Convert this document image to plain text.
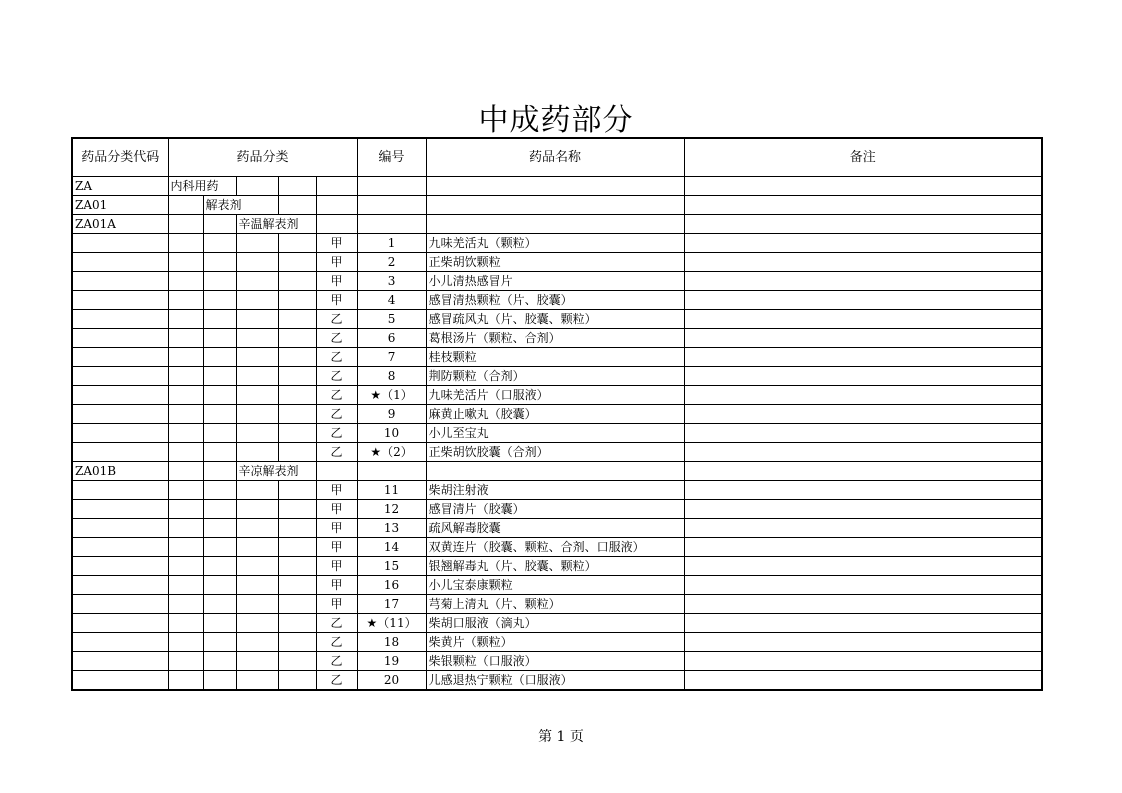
中成药部分
药品分类代码	药品分类					编号	药品名称	备注
ZA	内科用药							
ZA01		解表剂						
ZA01A			辛温解表剂					
					甲	1	九味羌活丸（颗粒）	
					甲	2	正柴胡饮颗粒	
					甲	3	小儿清热感冒片	
					甲	4	感冒清热颗粒（片、胶囊）	
					乙	5	感冒疏风丸（片、胶囊、颗粒）	
					乙	6	葛根汤片（颗粒、合剂）	
					乙	7	桂枝颗粒	
					乙	8	荆防颗粒（合剂）	
					乙	★（1）	九味羌活片（口服液）	
					乙	9	麻黄止嗽丸（胶囊）	
					乙	10	小儿至宝丸	
					乙	★（2）	正柴胡饮胶囊（合剂）	
ZA01B			辛凉解表剂					
					甲	11	柴胡注射液	
					甲	12	感冒清片（胶囊）	
					甲	13	疏风解毒胶囊	
					甲	14	双黄连片（胶囊、颗粒、合剂、口服液）	
					甲	15	银翘解毒丸（片、胶囊、颗粒）	
					甲	16	小儿宝泰康颗粒	
					甲	17	芎菊上清丸（片、颗粒）	
					乙	★（11）	柴胡口服液（滴丸）	
					乙	18	柴黄片（颗粒）	
					乙	19	柴银颗粒（口服液）	
					乙	20	儿感退热宁颗粒（口服液）	
第 1 页
